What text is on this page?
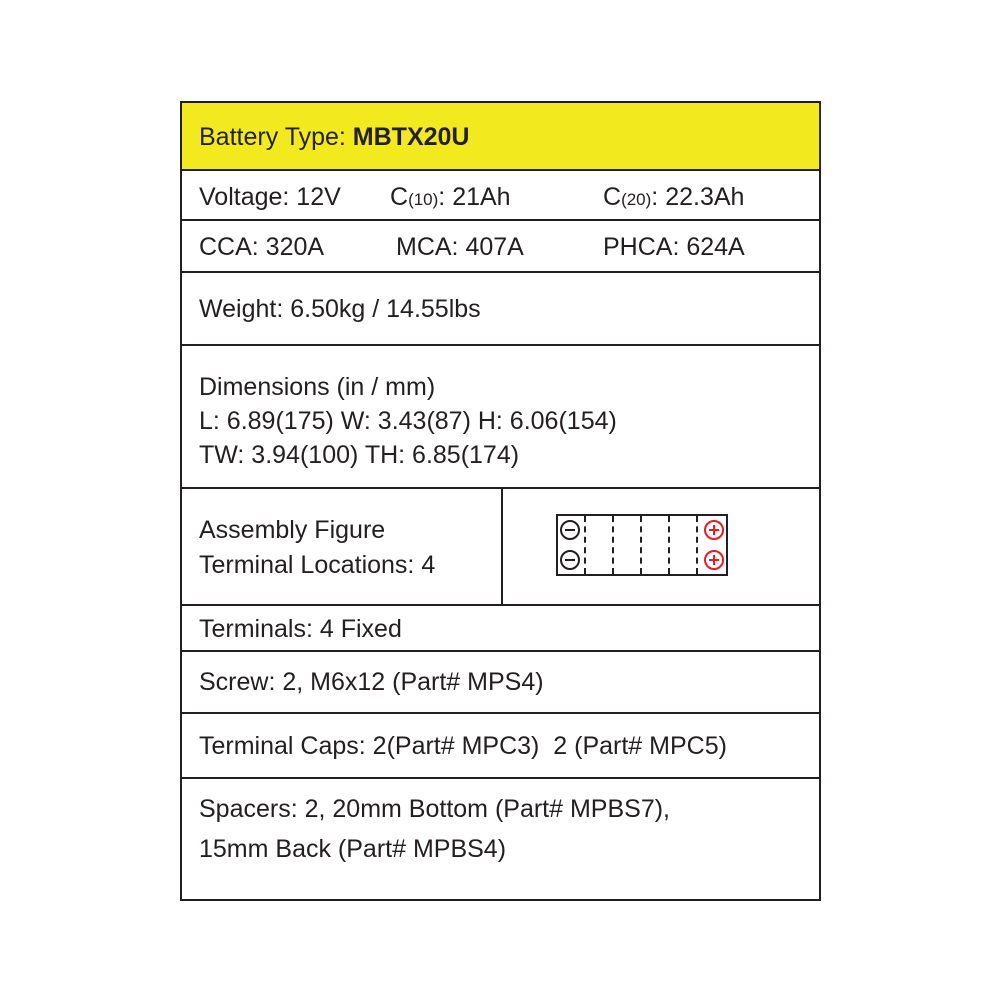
Battery Type: MBTX20U
Voltage: 12V C(10): 21Ah	C(20): 22.3Ah
CCA: 320A	MCA: 407A	PHCA: 624A
Weight: 6.50kg / 14.55lbs
Dimensions (in / mm)
L: 6.89(175) W: 3.43(87) H: 6.06(154)
TW: 3.94(100) TH: 6.85(174)
Assembly Figure
Terminal Locations: 4
Terminals: 4 Fixed
Screw: 2, M6x12 (Part# MPS4)
Terminal Caps: 2(Part# MPC3)  2 (Part# MPC5)
Spacers: 2, 20mm Bottom (Part# MPBS7),
15mm Back (Part# MPBS4)
